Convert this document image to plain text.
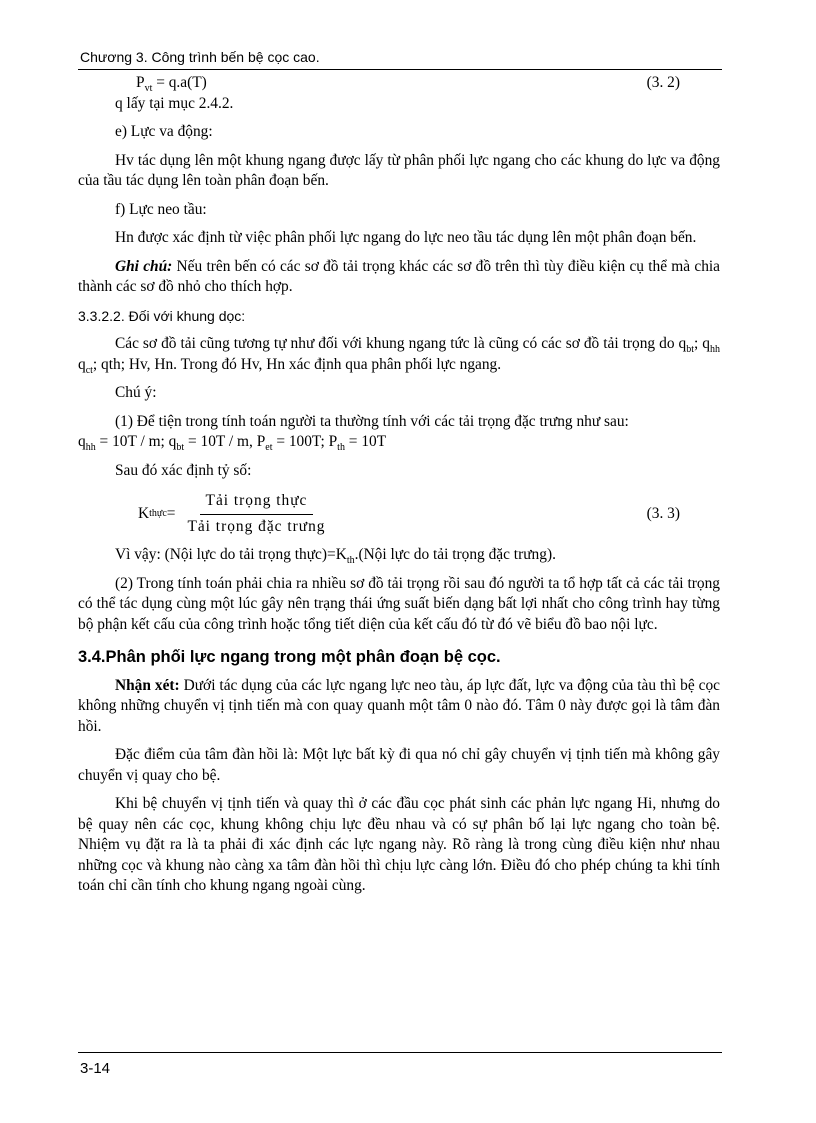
Chương 3. Công trình bến bệ cọc cao.
$P_{vt} = q.a(T)$	(3. 2)

q lấy tại mục 2.4.2.

e) Lực va động:

Hv tác dụng lên một khung ngang được lấy từ phân phối lực ngang cho các khung do lực va động của tầu tác dụng lên toàn phân đoạn bến.

f) Lực neo tầu:

Hn được xác định từ việc phân phối lực ngang do lực neo tầu tác dụng lên một phân đoạn bến.

Ghi chú: Nếu trên bến có các sơ đồ tải trọng khác các sơ đồ trên thì tùy điều kiện cụ thể mà chia thành các sơ đồ nhỏ cho thích hợp.

3.3.2.2. Đối với khung dọc:

Các sơ đồ tải cũng tương tự như đối với khung ngang tức là cũng có các sơ đồ tải trọng do $q_{bt}$; $q_{hh}$ $q_{ct}$; qth; Hv, Hn. Trong đó Hv, Hn xác định qua phân phối lực ngang.

Chú ý:

(1) Để tiện trong tính toán người ta thường tính với các tải trọng đặc trưng như sau:

$q_{hh} = 10T / m$; $q_{bt} = 10T / m$, $P_{et} = 100T$; $P_{th} = 10T$

Sau đó xác định tỷ số:

K thực = $\frac{\text{Tải trọng thực}}{\text{Tải trọng đặc trưng}}$	(3. 3)

Vì vậy: (Nội lực do tải trọng $thực)=K_{th}.(Nội$ lực do tải trọng đặc trưng).

(2) Trong tính toán phải chia ra nhiều sơ đồ tải trọng rồi sau đó người ta tổ hợp tất cả các tải trọng có thể tác dụng cùng một lúc gây nên trạng thái ứng suất biến dạng bất lợi nhất cho công trình hay từng bộ phận kết cấu của công trình hoặc tổng tiết diện của kết cấu đó từ đó vẽ biểu đồ bao nội lực.

3.4.Phân phối lực ngang trong một phân đoạn bệ cọc.

Nhận xét: Dưới tác dụng của các lực ngang lực neo tàu, áp lực đất, lực va động của tàu thì bệ cọc không những chuyển vị tịnh tiến mà con quay quanh một tâm 0 nào đó. Tâm 0 này được gọi là tâm đàn hồi.

Đặc điểm của tâm đàn hồi là: Một lực bất kỳ đi qua nó chỉ gây chuyển vị tịnh tiến mà không gây chuyển vị quay cho bệ.

Khi bệ chuyển vị tịnh tiến và quay thì ở các đầu cọc phát sinh các phản lực ngang Hi, nhưng do bệ quay nên các cọc, khung không chịu lực đều nhau và có sự phân bố lại lực ngang cho toàn bệ. Nhiệm vụ đặt ra là ta phải đi xác định các lực ngang này. Rõ ràng là trong cùng điều kiện như nhau những cọc và khung nào càng xa tâm đàn hồi thì chịu lực càng lớn. Điều đó cho phép chúng ta khi tính toán chỉ cần tính cho khung ngang ngoài cùng.

3-14
